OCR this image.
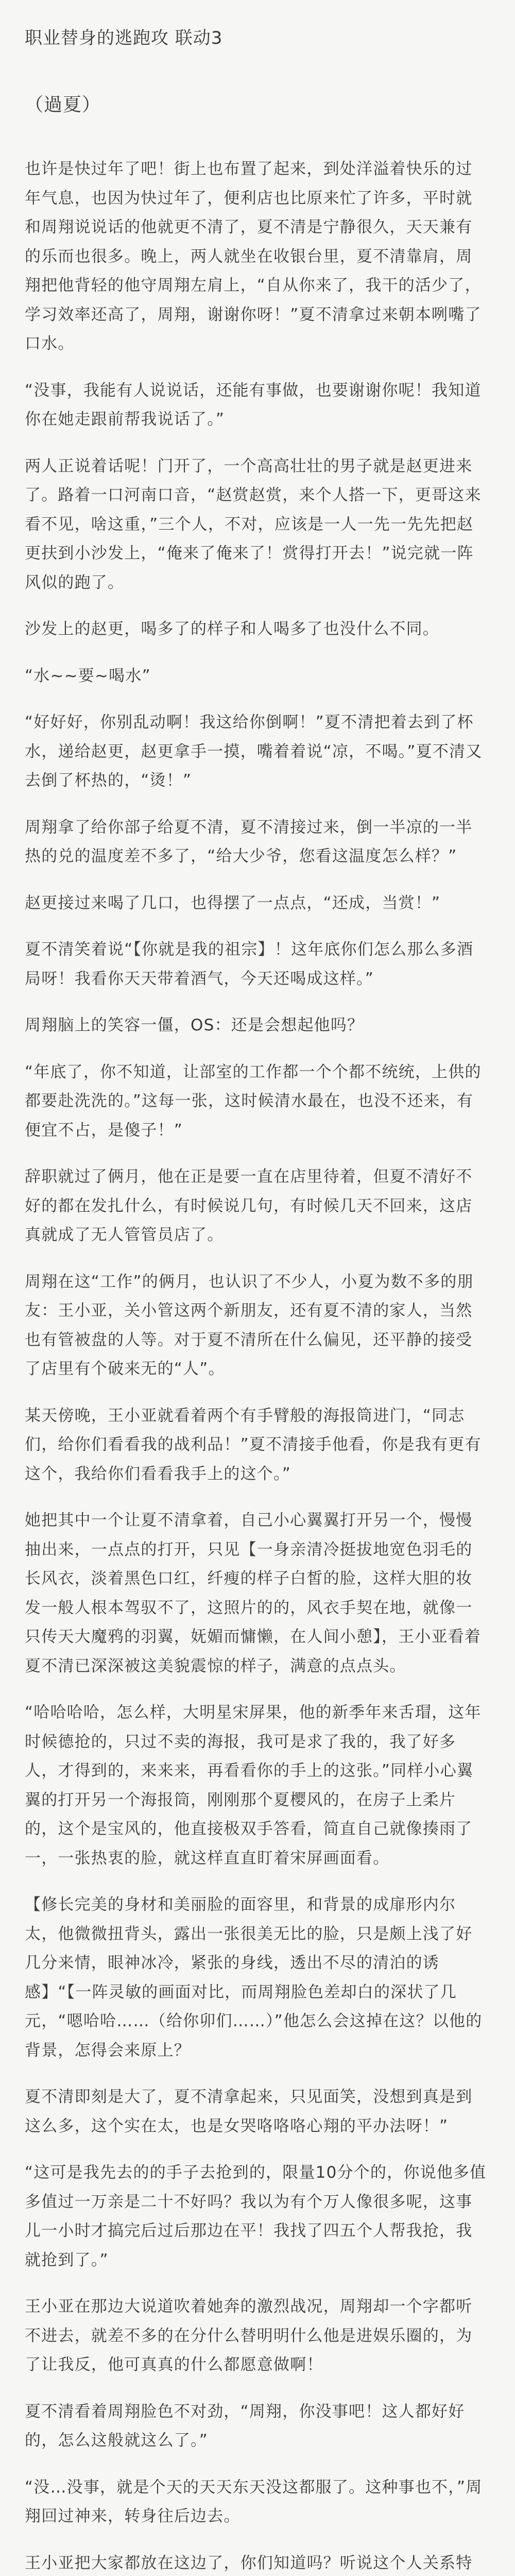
职业替身的逃跑攻 联动3
（過夏）

也许是快过年了吧！街上也布置了起来，到处洋溢着快乐的过年气息，也因为快过年了，便利店也比原来忙了许多，平时就和周翔说说话的他就更不清了，夏不清是宁静很久，天天兼有的乐而也很多。晚上，两人就坐在收银台里，夏不清靠肩，周翔把他背轻的他守周翔左肩上，“自从你来了，我干的活少了，学习效率还高了，周翔，谢谢你呀！”夏不清拿过来朝本咧嘴了口水。

“没事，我能有人说说话，还能有事做，也要谢谢你呢！我知道你在她走跟前帮我说话了。”

两人正说着话呢！门开了，一个高高壮壮的男子就是赵更进来了。路着一口河南口音，“赵赏赵赏，来个人搭一下，更哥这来看不见，啥这重，”三个人，不对，应该是一人一先一先先把赵更扶到小沙发上，“俺来了俺来了！赏得打开去！”说完就一阵风似的跑了。

沙发上的赵更，喝多了的样子和人喝多了也没什么不同。

“水~~要~喝水”

“好好好，你别乱动啊！我这给你倒啊！”夏不清把着去到了杯水，递给赵更，赵更拿手一摸，嘴着着说“凉，不喝。”夏不清又去倒了杯热的，“烫！”

周翔拿了给你部子给夏不清，夏不清接过来，倒一半凉的一半热的兑的温度差不多了，“给大少爷，您看这温度怎么样？”

赵更接过来喝了几口，也得摆了一点点，“还成，当赏！”

夏不清笑着说“【你就是我的祖宗】！这年底你们怎么那么多酒局呀！我看你天天带着酒气，今天还喝成这样。”

周翔脑上的笑容一僵，OS：还是会想起他吗？

“年底了，你不知道，让部室的工作都一个个都不统统，上供的都要赴洗洗的。”这每一张，这时候清水最在，也没不还来，有便宜不占，是傻子！”

辞职就过了俩月，他在正是要一直在店里待着，但夏不清好不好的都在发扎什么，有时候说几句，有时候几天不回来，这店真就成了无人管管员店了。

周翔在这“工作”的俩月，也认识了不少人，小夏为数不多的朋友：王小亚，关小管这两个新朋友，还有夏不清的家人，当然也有管被盘的人等。对于夏不清所在什么偏见，还平静的接受了店里有个破来无的“人”。

某天傍晚，王小亚就看着两个有手臂般的海报筒进门，“同志们，给你们看看我的战利品！”夏不清接手他看，你是我有更有这个，我给你们看看我手上的这个。”

她把其中一个让夏不清拿着，自己小心翼翼打开另一个，慢慢抽出来，一点点的打开，只见【一身亲清冷挺拔地宽色羽毛的长风衣，淡着黑色口红，纤瘦的样子白皙的脸，这样大胆的妆发一般人根本驾驭不了，这照片的的，风衣手契在地，就像一只传天大魔鸦的羽翼，妩媚而慵懒，在人间小憩】，王小亚看着夏不清已深深被这美貌震惊的样子，满意的点点头。

“哈哈哈哈，怎么样，大明星宋屏果，他的新季年来舌瑁，这年时候德抢的，只过不卖的海报，我可是求了我的，我了好多人，才得到的，来来来，再看看你的手上的这张。”同样小心翼翼的打开另一个海报筒，刚刚那个夏樱风的，在房子上柔片的，这个是宝风的，他直接极双手答看，简直自己就像揍雨了一，一张热衷的脸，就这样直直盯着宋屏画面看。

【修长完美的身材和美丽脸的面容里，和背景的成扉形内尔太，他微微扭背头，露出一张很美无比的脸，只是颇上浅了好几分来情，眼神冰冷，紧张的身线，透出不尽的清泊的诱感】“【一阵灵敏的画面对比，而周翔脸色差却白的深状了几元，“嗯哈哈……（给你卯们……）”他怎么会这掉在这？以他的背景，怎得会来原上？

夏不清即刻是大了，夏不清拿起来，只见面笑，没想到真是到这么多，这个实在太，也是女哭咯咯咯心翔的平办法呀！”

“这可是我先去的的手子去抢到的，限量10分个的，你说他多值多值过一万亲是二十不好吗？我以为有个万人像很多呢，这事儿一小时才搞完后过后那边在平！我找了四五个人帮我抢，我就抢到了。”

王小亚在那边大说道吹着她奔的激烈战况，周翔却一个字都听不进去，就差不多的在分什么替明明什么他是进娱乐圈的，为了让我反，他可真真的什么都愿意做啊！

夏不清看着周翔脸色不对劲，“周翔，你没事吧！这人都好好的，怎么这般就这么了。”

“没…没事，就是个天的天天东天没这都服了。这种事也不，”周翔回过神来，转身往后边去。

王小亚把大家都放在这边了，你们知道吗？听说这个人关系特
